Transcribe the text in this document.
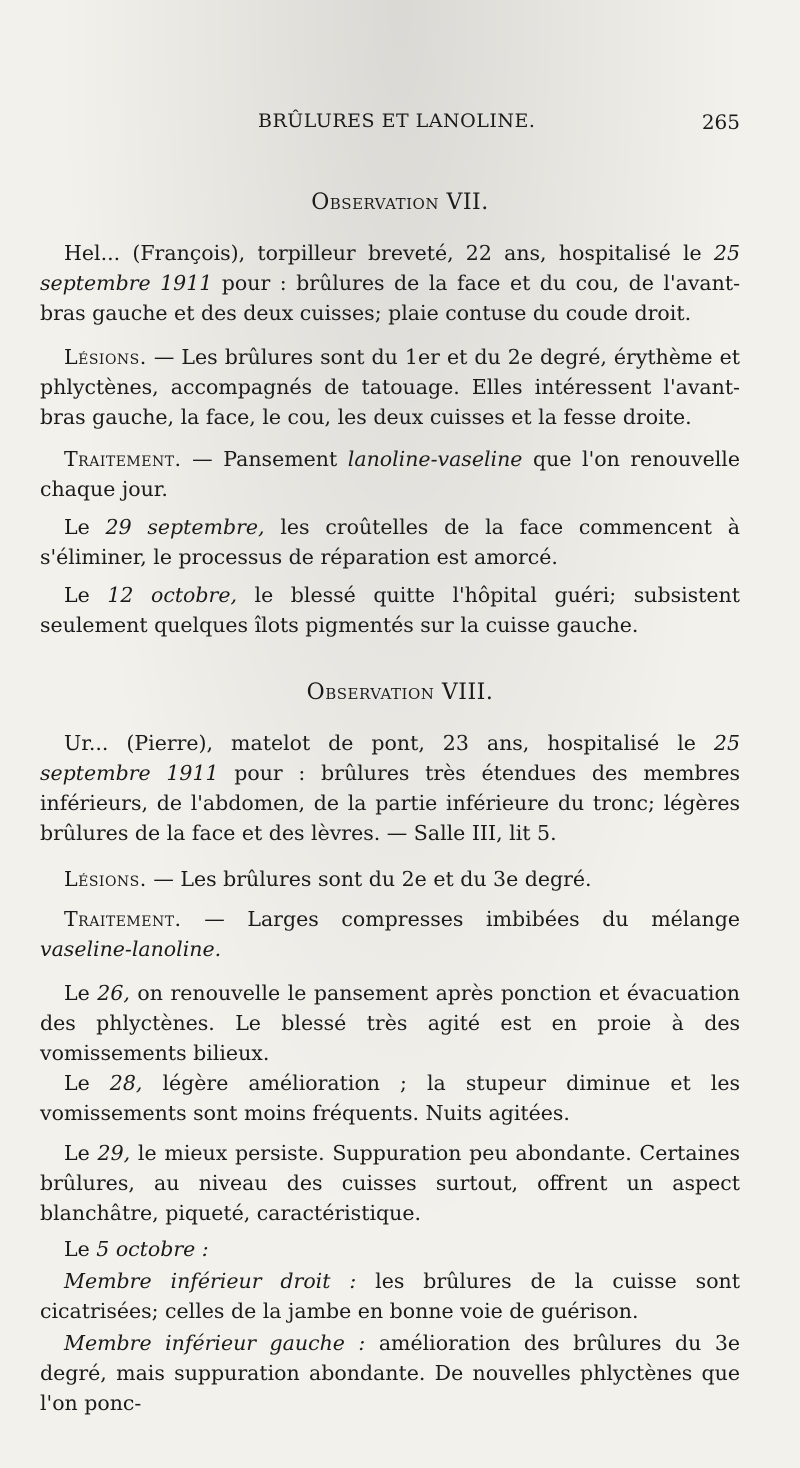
BRÛLURES ET LANOLINE.	265
Observation VII.

Hel... (François), torpilleur breveté, 22 ans, hospitalisé le 25 septembre 1911 pour : brûlures de la face et du cou, de l'avant-bras gauche et des deux cuisses; plaie contuse du coude droit.

Lésions. — Les brûlures sont du 1er et du 2e degré, érythème et phlyctènes, accompagnés de tatouage. Elles intéressent l'avant-bras gauche, la face, le cou, les deux cuisses et la fesse droite.

Traitement. — Pansement lanoline-vaseline que l'on renouvelle chaque jour.

Le 29 septembre, les croûtelles de la face commencent à s'éliminer, le processus de réparation est amorcé.

Le 12 octobre, le blessé quitte l'hôpital guéri; subsistent seulement quelques îlots pigmentés sur la cuisse gauche.

Observation VIII.

Ur... (Pierre), matelot de pont, 23 ans, hospitalisé le 25 septembre 1911 pour : brûlures très étendues des membres inférieurs, de l'abdomen, de la partie inférieure du tronc; légères brûlures de la face et des lèvres. — Salle III, lit 5.

Lésions. — Les brûlures sont du 2e et du 3e degré.

Traitement. — Larges compresses imbibées du mélange vaseline-lanoline.

Le 26, on renouvelle le pansement après ponction et évacuation des phlyctènes. Le blessé très agité est en proie à des vomissements bilieux.

Le 28, légère amélioration ; la stupeur diminue et les vomissements sont moins fréquents. Nuits agitées.

Le 29, le mieux persiste. Suppuration peu abondante. Certaines brûlures, au niveau des cuisses surtout, offrent un aspect blanchâtre, piqueté, caractéristique.

Le 5 octobre :

Membre inférieur droit : les brûlures de la cuisse sont cicatrisées; celles de la jambe en bonne voie de guérison.

Membre inférieur gauche : amélioration des brûlures du 3e degré, mais suppuration abondante. De nouvelles phlyctènes que l'on ponc-
